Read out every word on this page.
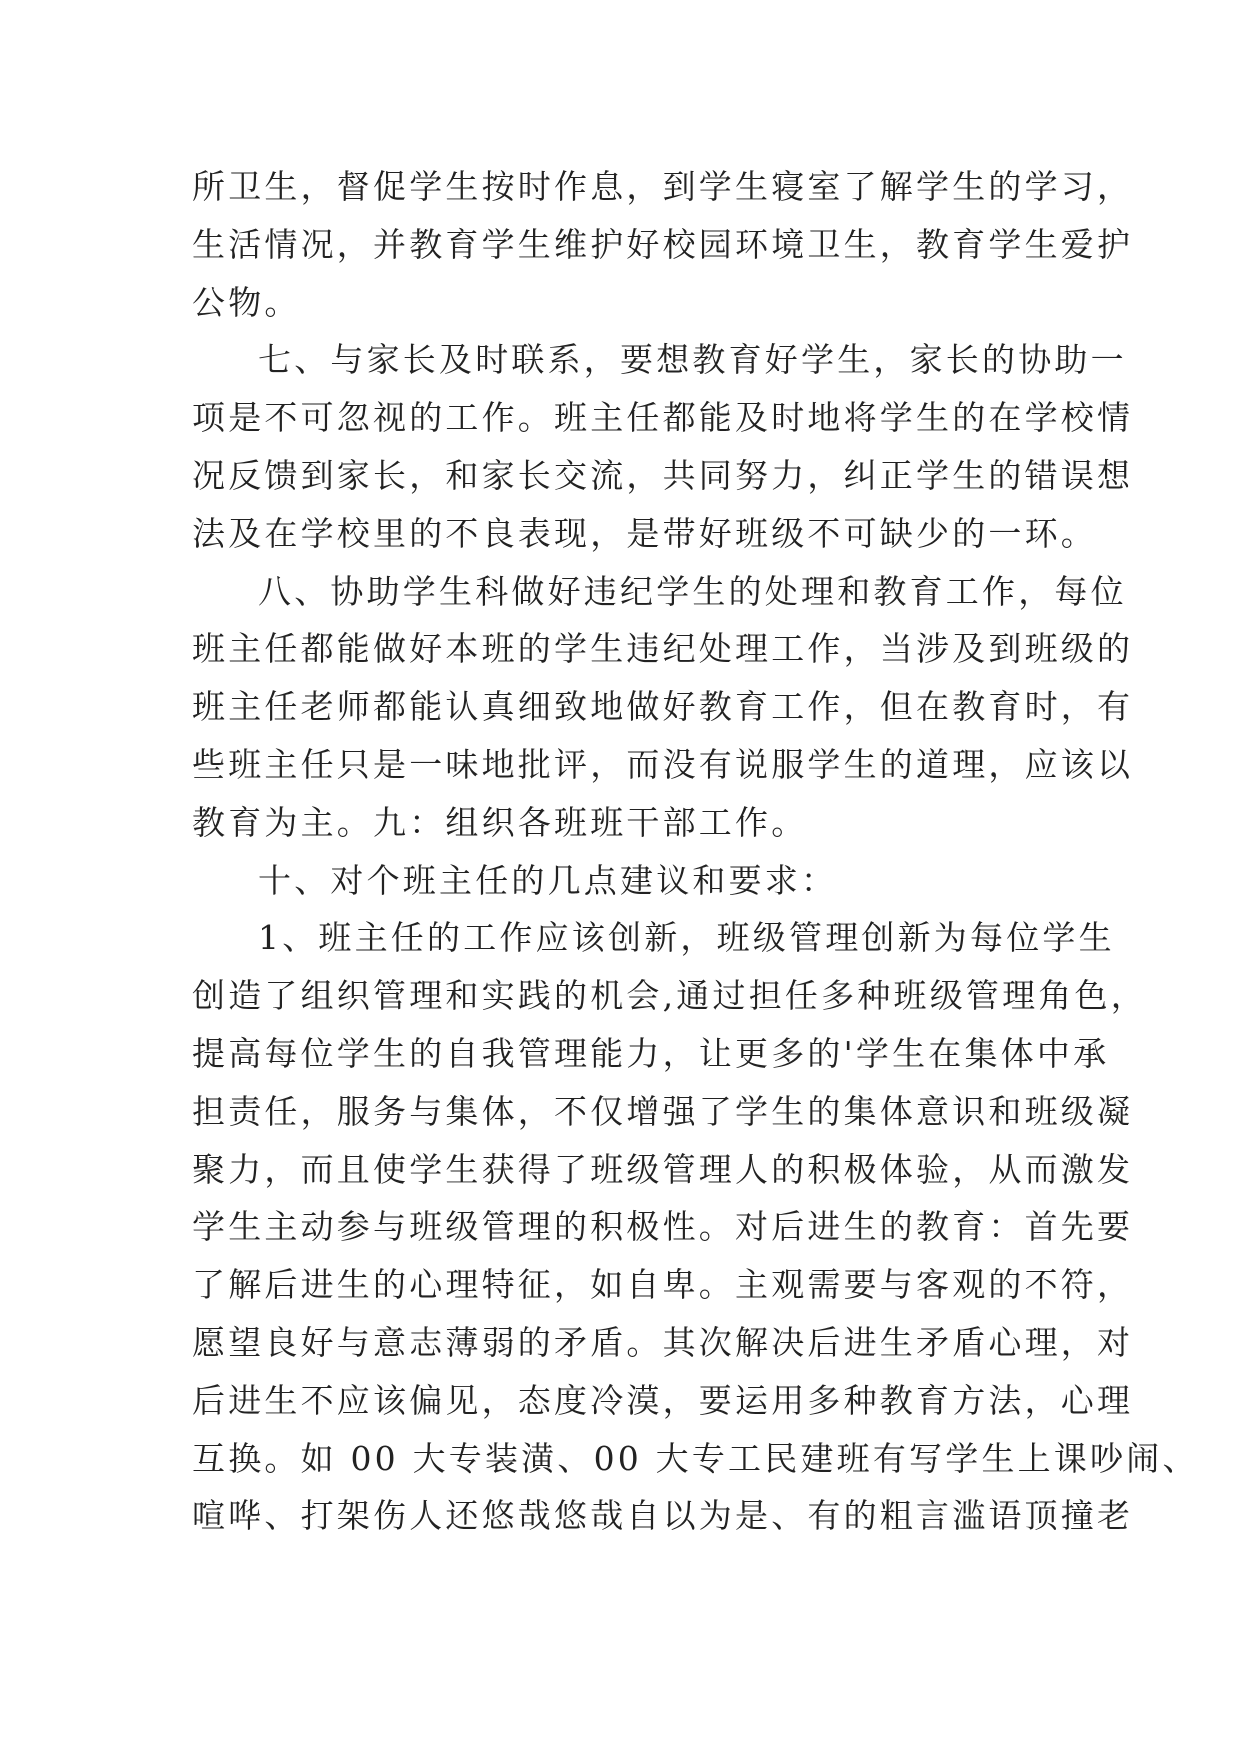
所卫生，督促学生按时作息，到学生寝室了解学生的学习，
生活情况，并教育学生维护好校园环境卫生，教育学生爱护
公物。
七、与家长及时联系，要想教育好学生，家长的协助一
项是不可忽视的工作。班主任都能及时地将学生的在学校情
况反馈到家长，和家长交流，共同努力，纠正学生的错误想
法及在学校里的不良表现，是带好班级不可缺少的一环。
八、协助学生科做好违纪学生的处理和教育工作，每位
班主任都能做好本班的学生违纪处理工作，当涉及到班级的
班主任老师都能认真细致地做好教育工作，但在教育时，有
些班主任只是一味地批评，而没有说服学生的道理，应该以
教育为主。九：组织各班班干部工作。
十、对个班主任的几点建议和要求：
1、班主任的工作应该创新，班级管理创新为每位学生
创造了组织管理和实践的机会,通过担任多种班级管理角色，
提高每位学生的自我管理能力，让更多的'学生在集体中承
担责任，服务与集体，不仅增强了学生的集体意识和班级凝
聚力，而且使学生获得了班级管理人的积极体验，从而激发
学生主动参与班级管理的积极性。对后进生的教育：首先要
了解后进生的心理特征，如自卑。主观需要与客观的不符，
愿望良好与意志薄弱的矛盾。其次解决后进生矛盾心理，对
后进生不应该偏见，态度冷漠，要运用多种教育方法，心理
互换。如 00 大专装潢、00 大专工民建班有写学生上课吵闹、
喧哗、打架伤人还悠哉悠哉自以为是、有的粗言滥语顶撞老
